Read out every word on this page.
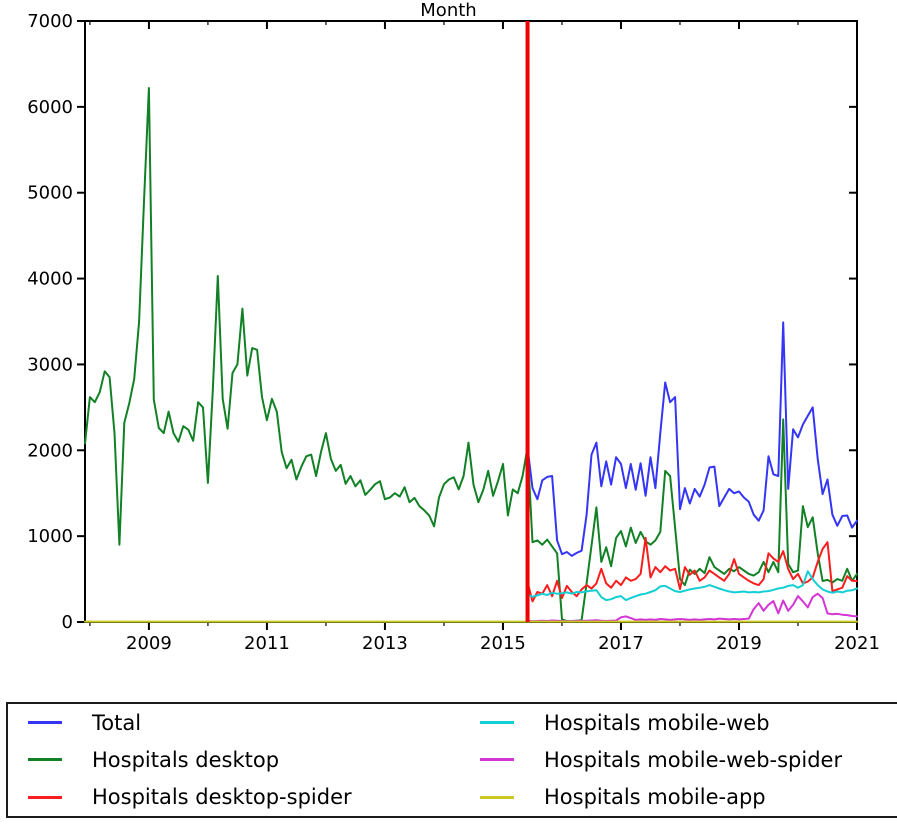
2009	2011	2013	2015	2017	2019	2021
0
1000
2000
3000
4000
5000
6000
7000
Month
Total
Hospitals desktop
Hospitals desktop-spider
Hospitals mobile-web
Hospitals mobile-web-spider
Hospitals mobile-app
